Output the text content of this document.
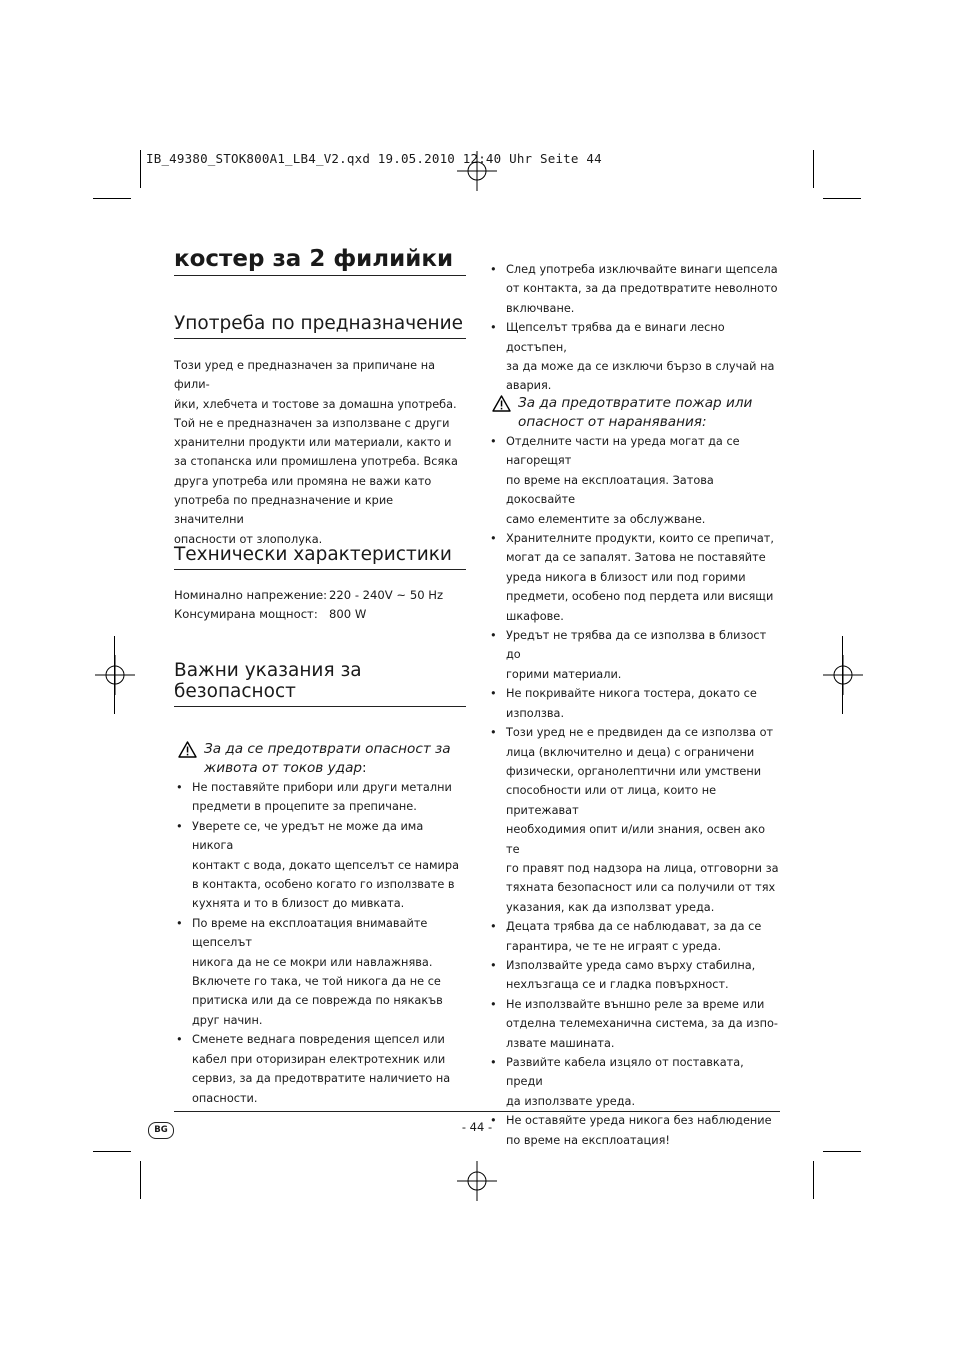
IB_49380_STOK800A1_LB4_V2.qxd 19.05.2010 12:40 Uhr Seite 44
костер за 2 филийки
Употреба по предназначение

Този уред е предназначен за припичане на фили-

йки, хлебчета и тостове за домашна употреба.

Той не е предназначен за използване с други

хранителни продукти или материали, както и

за стопанска или промишлена употреба. Всяка

друга употреба или промяна не важи като

употреба по предназначение и крие значителни

опасности от злополука.

Технически характеристики
Номинално напрежение:	220 - 240V ~ 50 Hz
Консумирана мощност:	800 W
Важни указания за
безопасност
За да се предотврати опасност за
живота от токов удар:
• Не поставяйте прибори или други метални
предмети в процепите за препичане.
• Уверете се, че уредът не може да има никога
контакт с вода, докато щепселът се намира
в контакта, особено когато го използвате в
кухнята и то в близост до мивката.
• По време на експлоатация внимавайте щепселът
никога да не се мокри или навлажнява.
Включете го така, че той никога да не се
притиска или да се поврежда по някакъв
друг начин.
• Сменете веднага повредения щепсел или
кабел при оторизиран електротехник или
сервиз, за да предотвратите наличието на
опасности.
• След употреба изключвайте винаги щепсела
от контакта, за да предотвратите неволното
включване.
• Щепселът трябва да е винаги лесно достъпен,
за да може да се изключи бързо в случай на
авария.
За да предотвратите пожар или
опасност от наранявания:
• Отделните части на уреда могат да се нагорещят
по време на експлоатация. Затова докосвайте
само елементите за обслужване.
• Хранителните продукти, които се препичат,
могат да се запалят. Затова не поставяйте
уреда никога в близост или под горими
предмети, особено под пердета или висящи
шкафове.
• Уредът не трябва да се използва в близост до
горими материали.
• Не покривайте никога тостера, докато се
използва.
• Този уред не е предвиден да се използва от
лица (включително и деца) с ограничени
физически, органолептични или умствени
способности или от лица, които не притежават
необходимия опит и/или знания, освен ако те
го правят под надзора на лица, отговорни за
тяхната безопасност или са получили от тях
указания, как да използват уреда.
• Децата трябва да се наблюдават, за да се
гарантира, че те не играят с уреда.
• Използвайте уреда само върху стабилна,
нехлъзгаща се и гладка повърхност.
• Не използвайте външно реле за време или
отделна телемеханична система, за да изпо-
лзвате машината.
• Развийте кабела изцяло от поставката, преди
да използвате уреда.
• Не оставяйте уреда никога без наблюдение
по време на експлоатация!
BG	- 44 -
